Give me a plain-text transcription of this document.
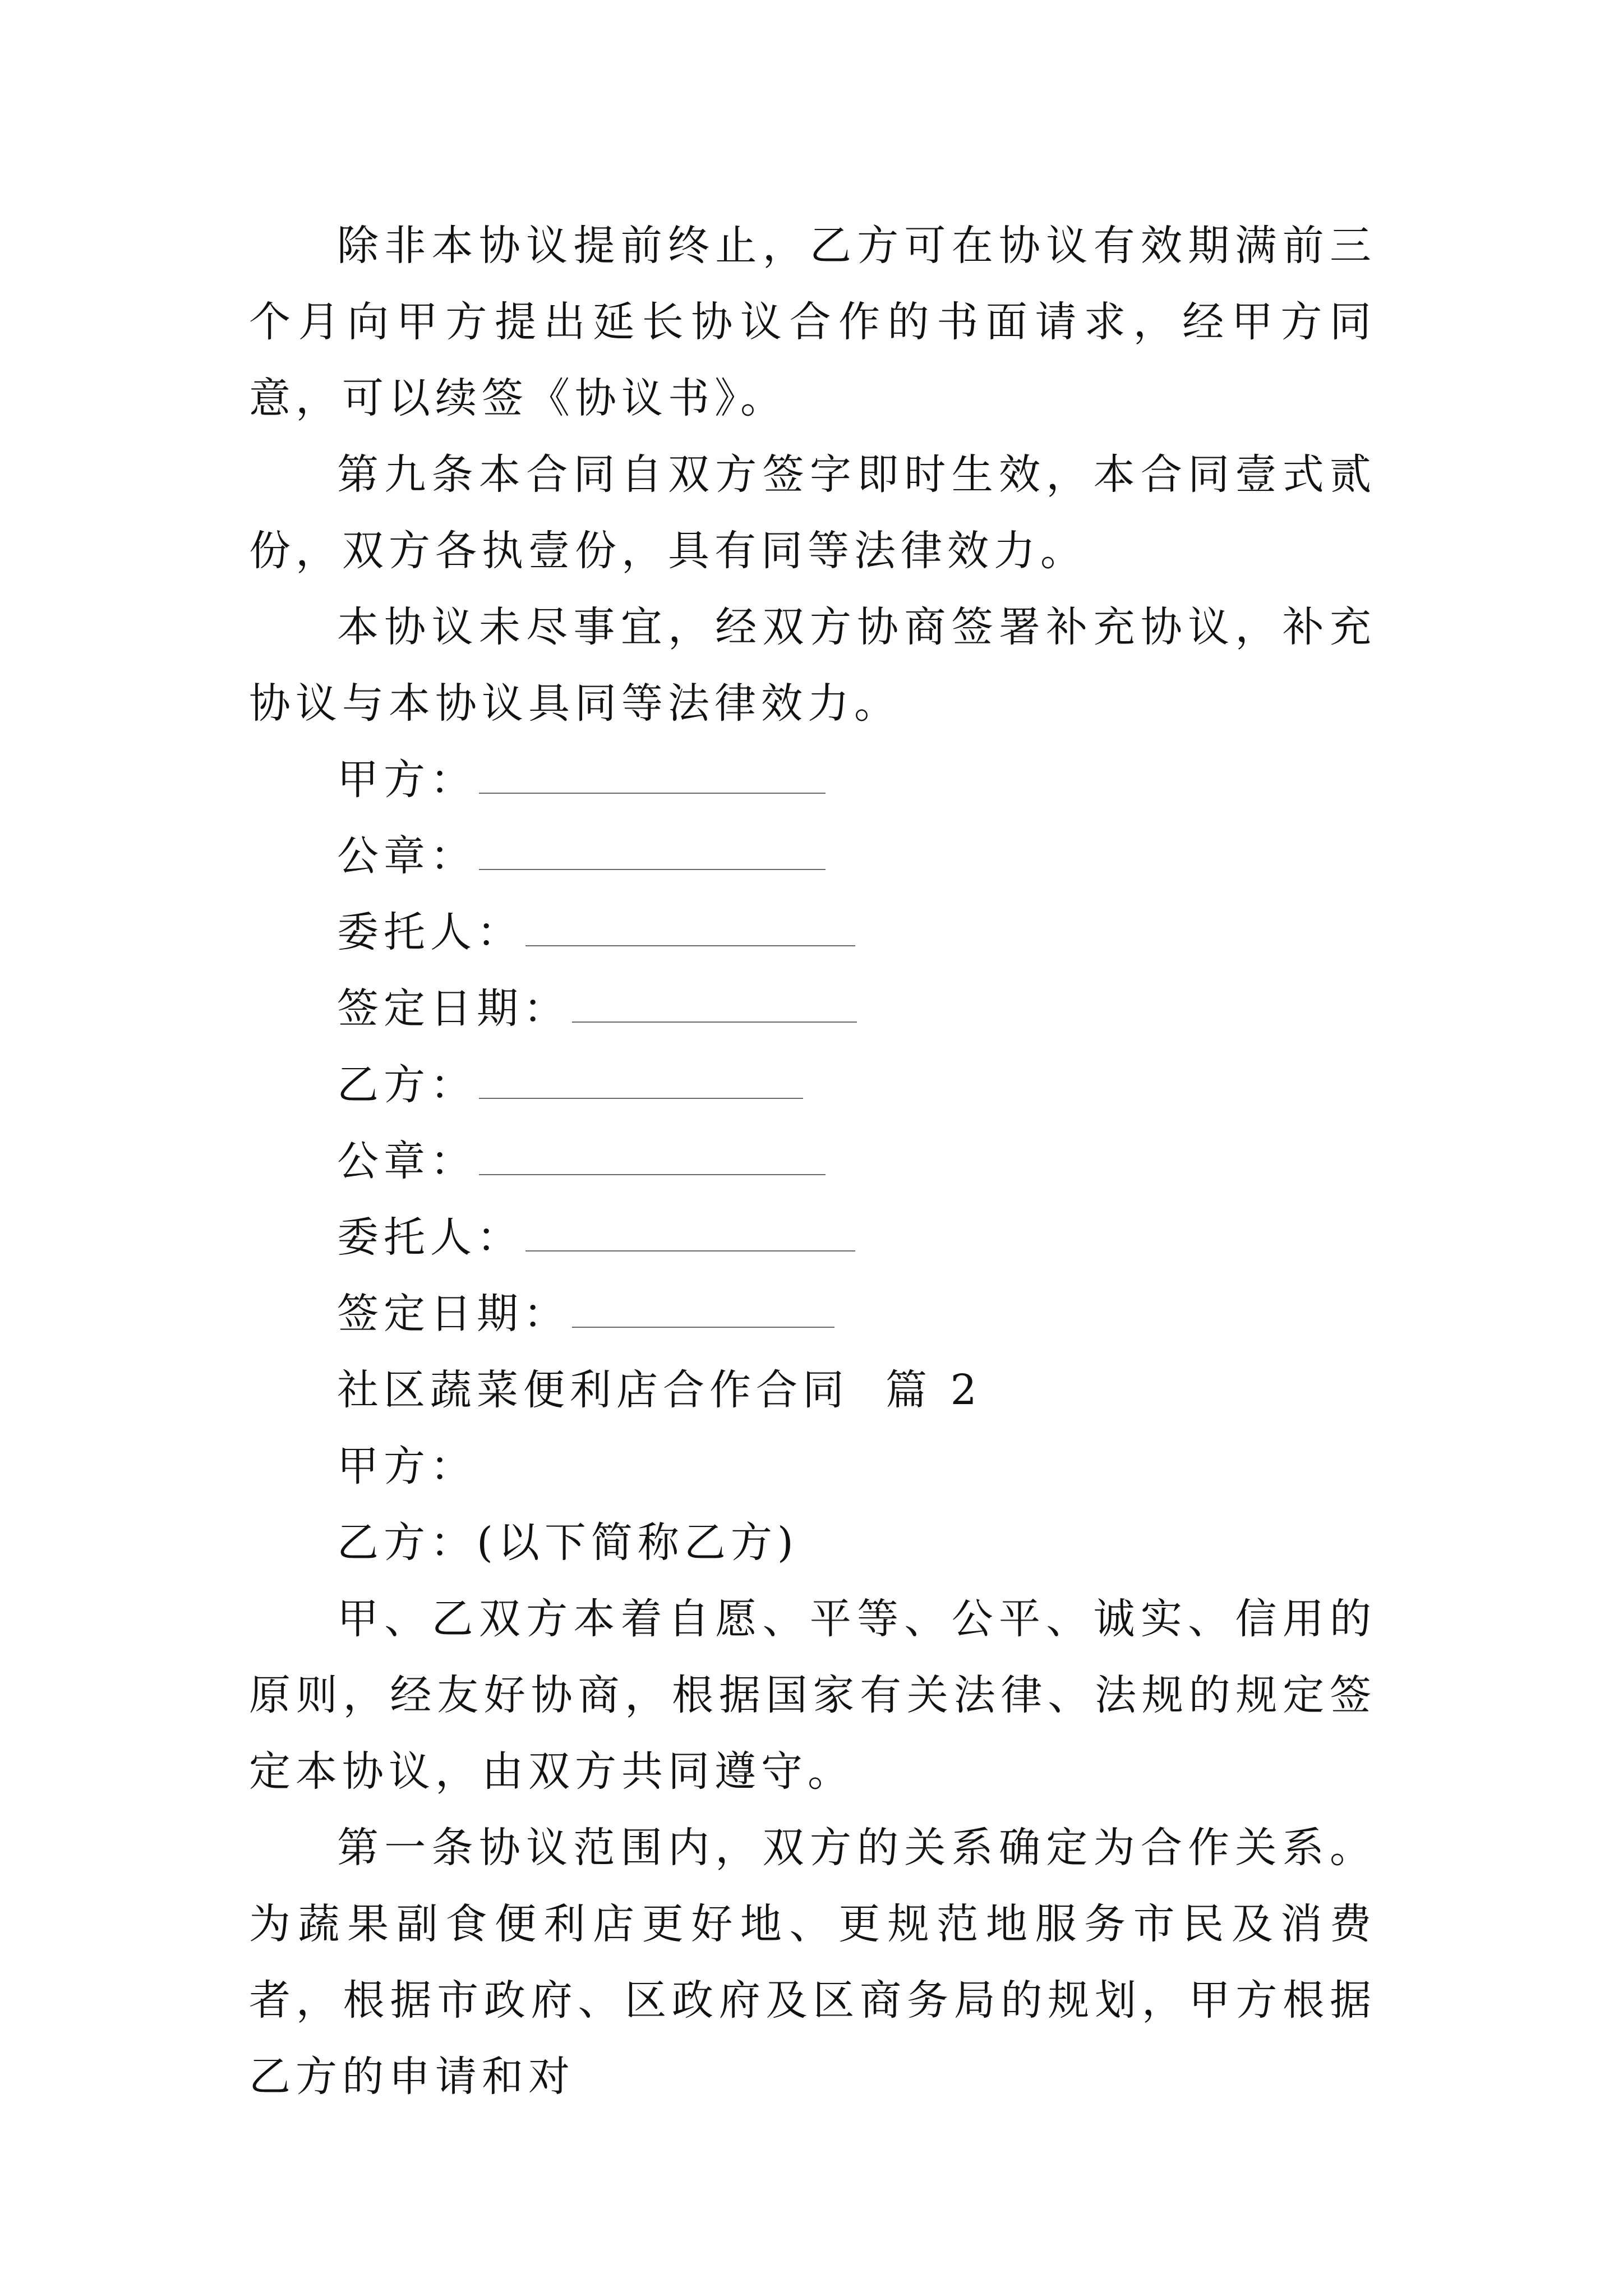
除非本协议提前终止，乙方可在协议有效期满前三个月向甲方提出延长协议合作的书面请求，经甲方同意，可以续签《协议书》。

第九条本合同自双方签字即时生效，本合同壹式贰份，双方各执壹份，具有同等法律效力。

本协议未尽事宜，经双方协商签署补充协议，补充协议与本协议具同等法律效力。

甲方：
公章：
委托人：
签定日期：
乙方：
公章：
委托人：
签定日期：
社区蔬菜便利店合作合同  篇 2
甲方：
乙方：(以下简称乙方)

甲、乙双方本着自愿、平等、公平、诚实、信用的原则，经友好协商，根据国家有关法律、法规的规定签定本协议，由双方共同遵守。

第一条协议范围内，双方的关系确定为合作关系。为蔬果副食便利店更好地、更规范地服务市民及消费者，根据市政府、区政府及区商务局的规划，甲方根据乙方的申请和对
